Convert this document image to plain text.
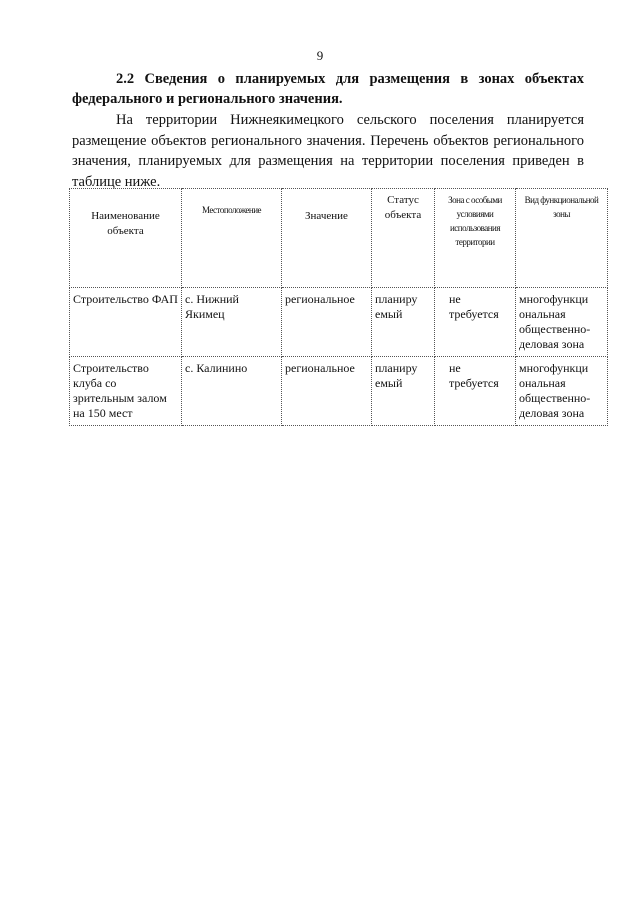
9
2.2 Сведения о планируемых для размещения в зонах объектах федерального и регионального значения.
На территории Нижнеякимецкого сельского поселения планируется размещение объектов регионального значения. Перечень объектов регионального значения, планируемых для размещения на территории поселения приведен в таблице ниже.
Наименование объекта	Местоположение	Значение	Статус объекта	Зона с особыми условиями использования территории	Вид функциональной зоны
Строительство ФАП	с. Нижний Якимец	региональное	планиру емый	не требуется	многофункци ональная общественно-деловая зона
Строительство клуба со зрительным залом на 150 мест	с. Калинино	региональное	планиру емый	не требуется	многофункци ональная общественно-деловая зона
